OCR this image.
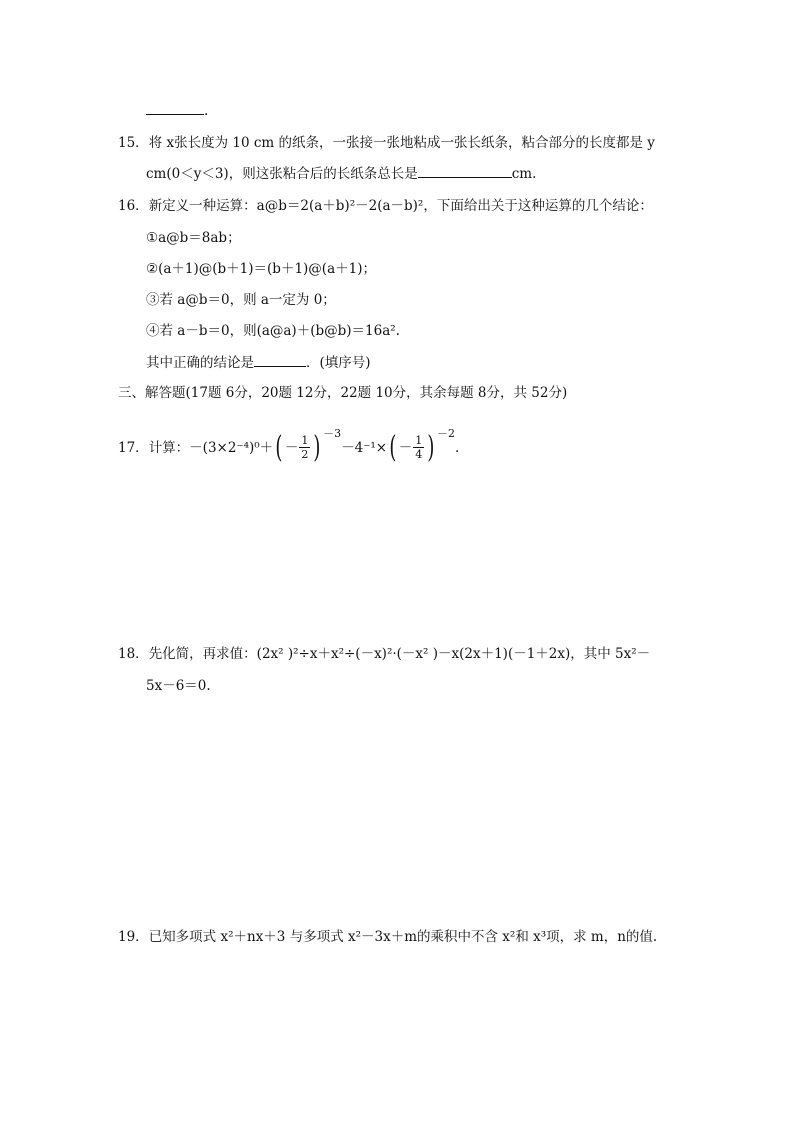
.
15．将 x张长度为 10 cm 的纸条，一张接一张地粘成一张长纸条，粘合部分的长度都是 y
cm(0＜y＜3)，则这张粘合后的长纸条总长是	cm.
16．新定义一种运算：a@b＝2(a＋b)²－2(a－b)²，下面给出关于这种运算的几个结论：
①a@b＝8ab；
②(a＋1)@(b＋1)＝(b＋1)@(a＋1)；
③若 a@b＝0，则 a一定为 0；
④若 a－b＝0，则(a@a)＋(b@b)＝16a².
其中正确的结论是	．(填序号)
三、解答题(17题 6分，20题 12分，22题 10分，其余每题 8分，共 52分)
17．计算：$-(3\times 2^{-4})^0+( - \frac{1}{2}$ ) $^{-3}-4^{-1}\times( - \frac{1}{4}$ ) $^{-2}$.
18．先化简，再求值：(2x² )²÷x＋x²÷(－x)²·(－x² )－x(2x＋1)(－1＋2x)，其中 5x²－
5x－6＝0.
19．已知多项式 x²＋nx＋3 与多项式 x²－3x＋m的乘积中不含 x²和 x³项，求 m，n的值.
